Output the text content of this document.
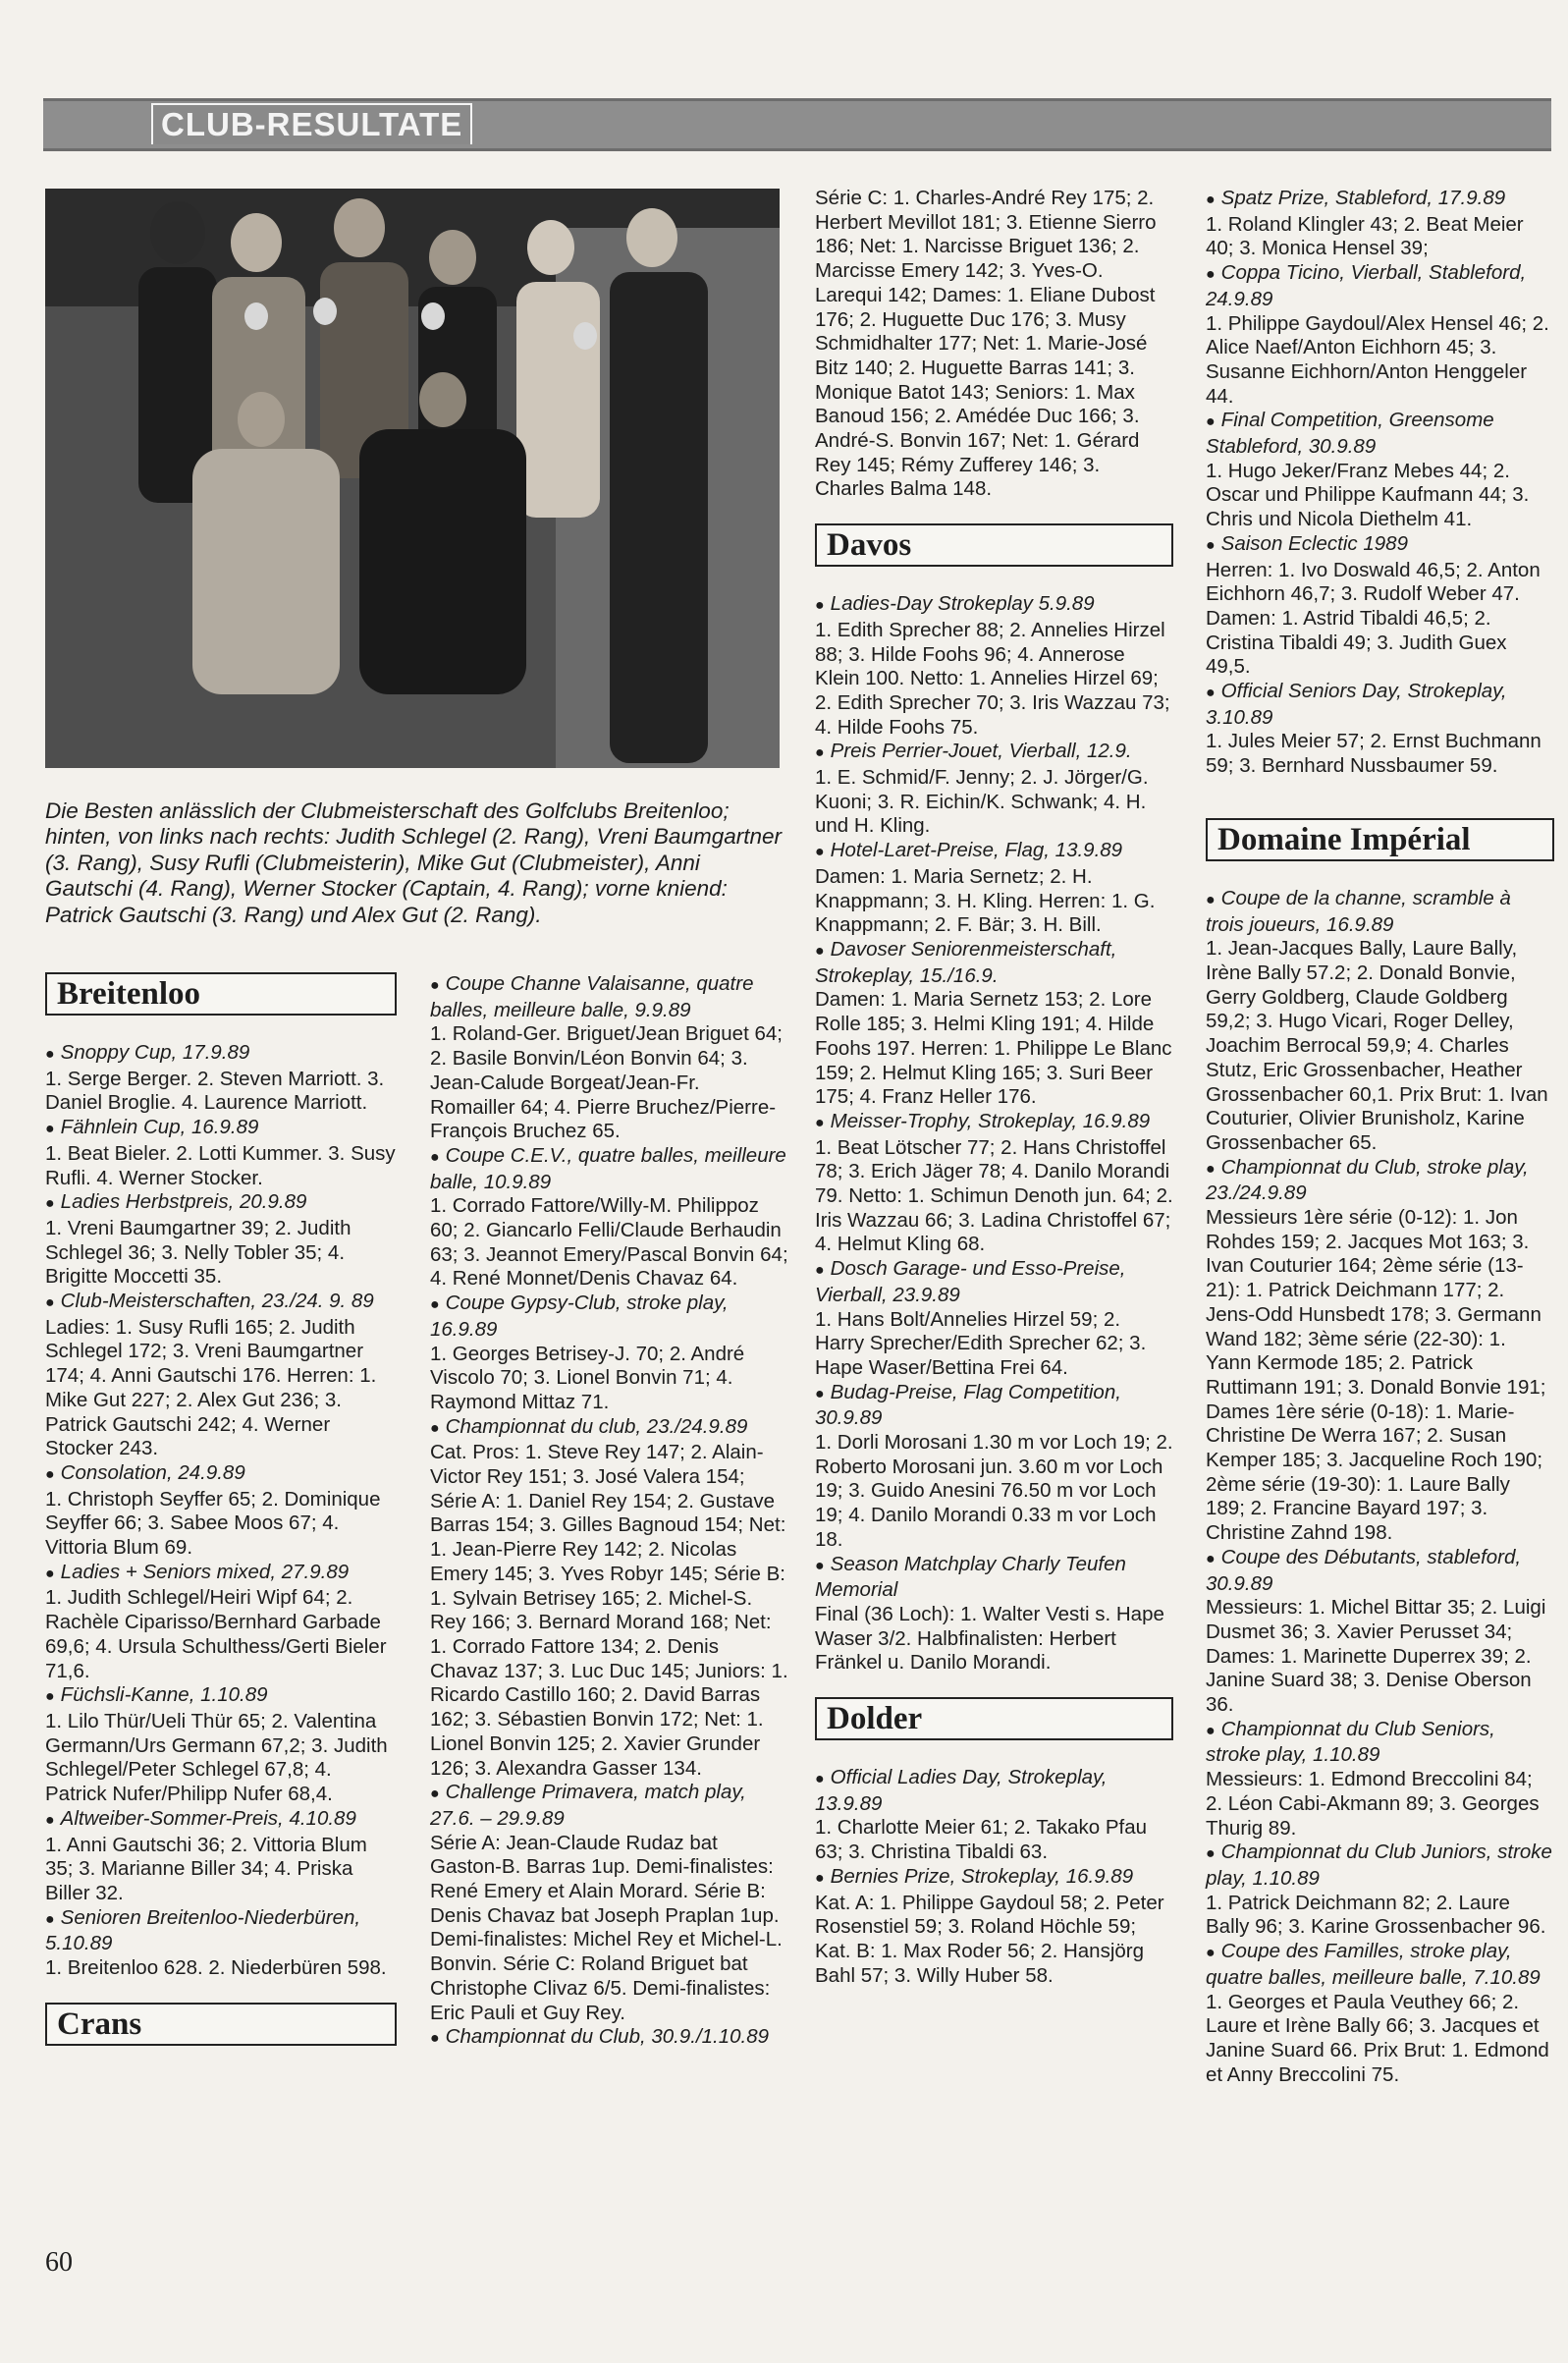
CLUB-RESULTATE

Die Besten anlässlich der Clubmeisterschaft des Golfclubs Breitenloo; hinten, von links nach rechts: Judith Schlegel (2. Rang), Vreni Baumgartner (3. Rang), Susy Rufli (Clubmeisterin), Mike Gut (Clubmeister), Anni Gautschi (4. Rang), Werner Stocker (Captain, 4. Rang); vorne kniend: Patrick Gautschi (3. Rang) und Alex Gut (2. Rang).

Breitenloo

● Snoppy Cup, 17.9.89

1. Serge Berger. 2. Steven Marriott. 3. Daniel Broglie. 4. Laurence Marriott.

● Fähnlein Cup, 16.9.89

1. Beat Bieler. 2. Lotti Kummer. 3. Susy Rufli. 4. Werner Stocker.

● Ladies Herbstpreis, 20.9.89

1. Vreni Baumgartner 39; 2. Judith Schlegel 36; 3. Nelly Tobler 35; 4. Brigitte Moccetti 35.

● Club-Meisterschaften, 23./24. 9. 89

Ladies: 1. Susy Rufli 165; 2. Judith Schlegel 172; 3. Vreni Baumgartner 174; 4. Anni Gautschi 176. Herren: 1. Mike Gut 227; 2. Alex Gut 236; 3. Patrick Gautschi 242; 4. Werner Stocker 243.

● Consolation, 24.9.89

1. Christoph Seyffer 65; 2. Dominique Seyffer 66; 3. Sabee Moos 67; 4. Vittoria Blum 69.

● Ladies + Seniors mixed, 27.9.89

1. Judith Schlegel/Heiri Wipf 64; 2. Rachèle Ciparisso/Bernhard Garbade 69,6; 4. Ursula Schulthess/Gerti Bieler 71,6.

● Füchsli-Kanne, 1.10.89

1. Lilo Thür/Ueli Thür 65; 2. Valentina Germann/Urs Germann 67,2; 3. Judith Schlegel/Peter Schlegel 67,8; 4. Patrick Nufer/Philipp Nufer 68,4.

● Altweiber-Sommer-Preis, 4.10.89

1. Anni Gautschi 36; 2. Vittoria Blum 35; 3. Marianne Biller 34; 4. Priska Biller 32.

● Senioren Breitenloo-Niederbüren, 5.10.89

1. Breitenloo 628. 2. Niederbüren 598.

Crans

● Coupe Channe Valaisanne, quatre balles, meilleure balle, 9.9.89

1. Roland-Ger. Briguet/Jean Briguet 64; 2. Basile Bonvin/Léon Bonvin 64; 3. Jean-Calude Borgeat/Jean-Fr. Romailler 64; 4. Pierre Bruchez/Pierre-François Bruchez 65.

● Coupe C.E.V., quatre balles, meilleure balle, 10.9.89

1. Corrado Fattore/Willy-M. Philippoz 60; 2. Giancarlo Felli/Claude Berhaudin 63; 3. Jeannot Emery/Pascal Bonvin 64; 4. René Monnet/Denis Chavaz 64.

● Coupe Gypsy-Club, stroke play, 16.9.89

1. Georges Betrisey-J. 70; 2. André Viscolo 70; 3. Lionel Bonvin 71; 4. Raymond Mittaz 71.

● Championnat du club, 23./24.9.89

Cat. Pros: 1. Steve Rey 147; 2. Alain-Victor Rey 151; 3. José Valera 154; Série A: 1. Daniel Rey 154; 2. Gustave Barras 154; 3. Gilles Bagnoud 154; Net: 1. Jean-Pierre Rey 142; 2. Nicolas Emery 145; 3. Yves Robyr 145; Série B: 1. Sylvain Betrisey 165; 2. Michel-S. Rey 166; 3. Bernard Morand 168; Net: 1. Corrado Fattore 134; 2. Denis Chavaz 137; 3. Luc Duc 145; Juniors: 1. Ricardo Castillo 160; 2. David Barras 162; 3. Sébastien Bonvin 172; Net: 1. Lionel Bonvin 125; 2. Xavier Grunder 126; 3. Alexandra Gasser 134.

● Challenge Primavera, match play, 27.6. – 29.9.89

Série A: Jean-Claude Rudaz bat Gaston-B. Barras 1up. Demi-finalistes: René Emery et Alain Morard. Série B: Denis Chavaz bat Joseph Praplan 1up. Demi-finalistes: Michel Rey et Michel-L. Bonvin. Série C: Roland Briguet bat Christophe Clivaz 6/5. Demi-finalistes: Eric Pauli et Guy Rey.

● Championnat du Club, 30.9./1.10.89

Série C: 1. Charles-André Rey 175; 2. Herbert Mevillot 181; 3. Etienne Sierro 186; Net: 1. Narcisse Briguet 136; 2. Marcisse Emery 142; 3. Yves-O. Larequi 142; Dames: 1. Eliane Dubost 176; 2. Huguette Duc 176; 3. Musy Schmidhalter 177; Net: 1. Marie-José Bitz 140; 2. Huguette Barras 141; 3. Monique Batot 143; Seniors: 1. Max Banoud 156; 2. Amédée Duc 166; 3. André-S. Bonvin 167; Net: 1. Gérard Rey 145; Rémy Zufferey 146; 3. Charles Balma 148.

Davos

● Ladies-Day Strokeplay 5.9.89

1. Edith Sprecher 88; 2. Annelies Hirzel 88; 3. Hilde Foohs 96; 4. Annerose Klein 100. Netto: 1. Annelies Hirzel 69; 2. Edith Sprecher 70; 3. Iris Wazzau 73; 4. Hilde Foohs 75.

● Preis Perrier-Jouet, Vierball, 12.9.

1. E. Schmid/F. Jenny; 2. J. Jörger/G. Kuoni; 3. R. Eichin/K. Schwank; 4. H. und H. Kling.

● Hotel-Laret-Preise, Flag, 13.9.89

Damen: 1. Maria Sernetz; 2. H. Knappmann; 3. H. Kling. Herren: 1. G. Knappmann; 2. F. Bär; 3. H. Bill.

● Davoser Seniorenmeisterschaft, Strokeplay, 15./16.9.

Damen: 1. Maria Sernetz 153; 2. Lore Rolle 185; 3. Helmi Kling 191; 4. Hilde Foohs 197. Herren: 1. Philippe Le Blanc 159; 2. Helmut Kling 165; 3. Suri Beer 175; 4. Franz Heller 176.

● Meisser-Trophy, Strokeplay, 16.9.89

1. Beat Lötscher 77; 2. Hans Christoffel 78; 3. Erich Jäger 78; 4. Danilo Morandi 79. Netto: 1. Schimun Denoth jun. 64; 2. Iris Wazzau 66; 3. Ladina Christoffel 67; 4. Helmut Kling 68.

● Dosch Garage- und Esso-Preise, Vierball, 23.9.89

1. Hans Bolt/Annelies Hirzel 59; 2. Harry Sprecher/Edith Sprecher 62; 3. Hape Waser/Bettina Frei 64.

● Budag-Preise, Flag Competition, 30.9.89

1. Dorli Morosani 1.30 m vor Loch 19; 2. Roberto Morosani jun. 3.60 m vor Loch 19; 3. Guido Anesini 76.50 m vor Loch 19; 4. Danilo Morandi 0.33 m vor Loch 18.

● Season Matchplay Charly Teufen Memorial

Final (36 Loch): 1. Walter Vesti s. Hape Waser 3/2. Halbfinalisten: Herbert Fränkel u. Danilo Morandi.

Dolder

● Official Ladies Day, Strokeplay, 13.9.89

1. Charlotte Meier 61; 2. Takako Pfau 63; 3. Christina Tibaldi 63.

● Bernies Prize, Strokeplay, 16.9.89

Kat. A: 1. Philippe Gaydoul 58; 2. Peter Rosenstiel 59; 3. Roland Höchle 59; Kat. B: 1. Max Roder 56; 2. Hansjörg Bahl 57; 3. Willy Huber 58.

● Spatz Prize, Stableford, 17.9.89

1. Roland Klingler 43; 2. Beat Meier 40; 3. Monica Hensel 39;

● Coppa Ticino, Vierball, Stableford, 24.9.89

1. Philippe Gaydoul/Alex Hensel 46; 2. Alice Naef/Anton Eichhorn 45; 3. Susanne Eichhorn/Anton Henggeler 44.

● Final Competition, Greensome Stableford, 30.9.89

1. Hugo Jeker/Franz Mebes 44; 2. Oscar und Philippe Kaufmann 44; 3. Chris und Nicola Diethelm 41.

● Saison Eclectic 1989

Herren: 1. Ivo Doswald 46,5; 2. Anton Eichhorn 46,7; 3. Rudolf Weber 47. Damen: 1. Astrid Tibaldi 46,5; 2. Cristina Tibaldi 49; 3. Judith Guex 49,5.

● Official Seniors Day, Strokeplay, 3.10.89

1. Jules Meier 57; 2. Ernst Buchmann 59; 3. Bernhard Nussbaumer 59.

Domaine Impérial

● Coupe de la channe, scramble à trois joueurs, 16.9.89

1. Jean-Jacques Bally, Laure Bally, Irène Bally 57.2; 2. Donald Bonvie, Gerry Goldberg, Claude Goldberg 59,2; 3. Hugo Vicari, Roger Delley, Joachim Berrocal 59,9; 4. Charles Stutz, Eric Grossenbacher, Heather Grossenbacher 60,1. Prix Brut: 1. Ivan Couturier, Olivier Brunisholz, Karine Grossenbacher 65.

● Championnat du Club, stroke play, 23./24.9.89

Messieurs 1ère série (0-12): 1. Jon Rohdes 159; 2. Jacques Mot 163; 3. Ivan Couturier 164; 2ème série (13-21): 1. Patrick Deichmann 177; 2. Jens-Odd Hunsbedt 178; 3. Germann Wand 182; 3ème série (22-30): 1. Yann Kermode 185; 2. Patrick Ruttimann 191; 3. Donald Bonvie 191; Dames 1ère série (0-18): 1. Marie-Christine De Werra 167; 2. Susan Kemper 185; 3. Jacqueline Roch 190; 2ème série (19-30): 1. Laure Bally 189; 2. Francine Bayard 197; 3. Christine Zahnd 198.

● Coupe des Débutants, stableford, 30.9.89

Messieurs: 1. Michel Bittar 35; 2. Luigi Dusmet 36; 3. Xavier Perusset 34; Dames: 1. Marinette Duperrex 39; 2. Janine Suard 38; 3. Denise Oberson 36.

● Championnat du Club Seniors, stroke play, 1.10.89

Messieurs: 1. Edmond Breccolini 84; 2. Léon Cabi-Akmann 89; 3. Georges Thurig 89.

● Championnat du Club Juniors, stroke play, 1.10.89

1. Patrick Deichmann 82; 2. Laure Bally 96; 3. Karine Grossenbacher 96.

● Coupe des Familles, stroke play, quatre balles, meilleure balle, 7.10.89

1. Georges et Paula Veuthey 66; 2. Laure et Irène Bally 66; 3. Jacques et Janine Suard 66. Prix Brut: 1. Edmond et Anny Breccolini 75.

60
